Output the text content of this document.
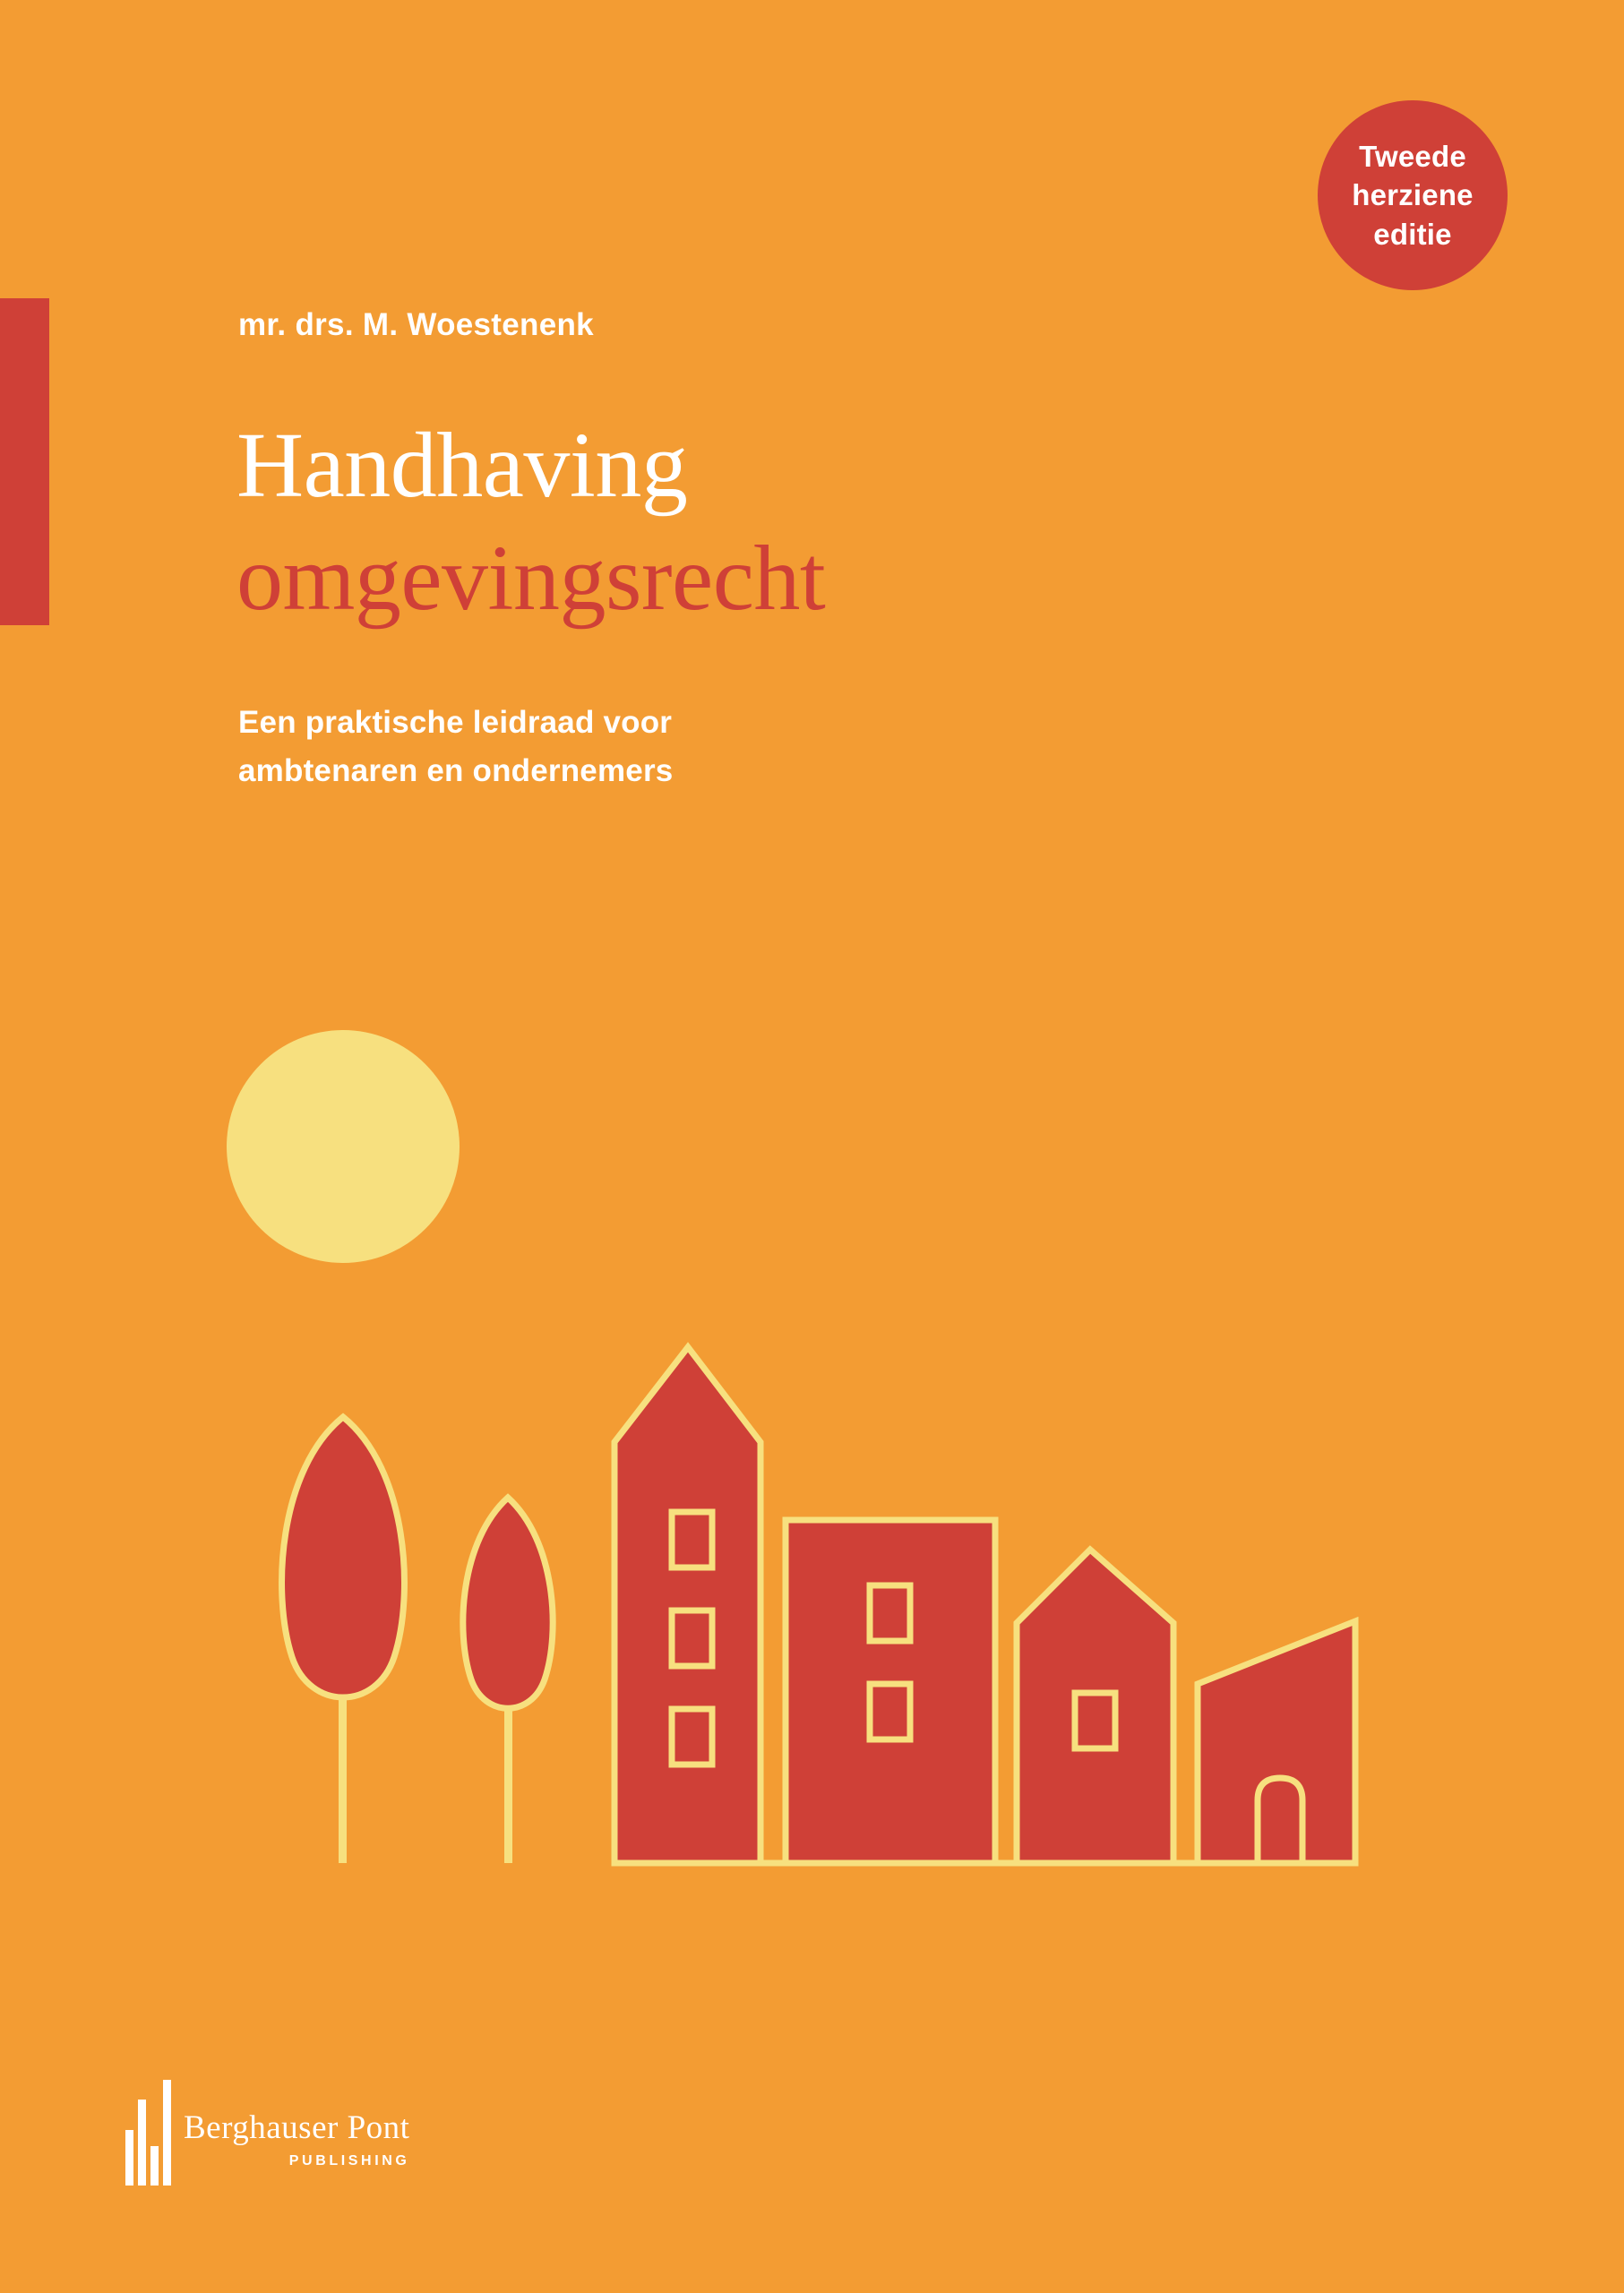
Tweede
herziene
editie
mr. drs. M. Woestenenk
Handhaving
omgevingsrecht
Een praktische leidraad voor
ambtenaren en ondernemers
Berghauser Pont
PUBLISHING
